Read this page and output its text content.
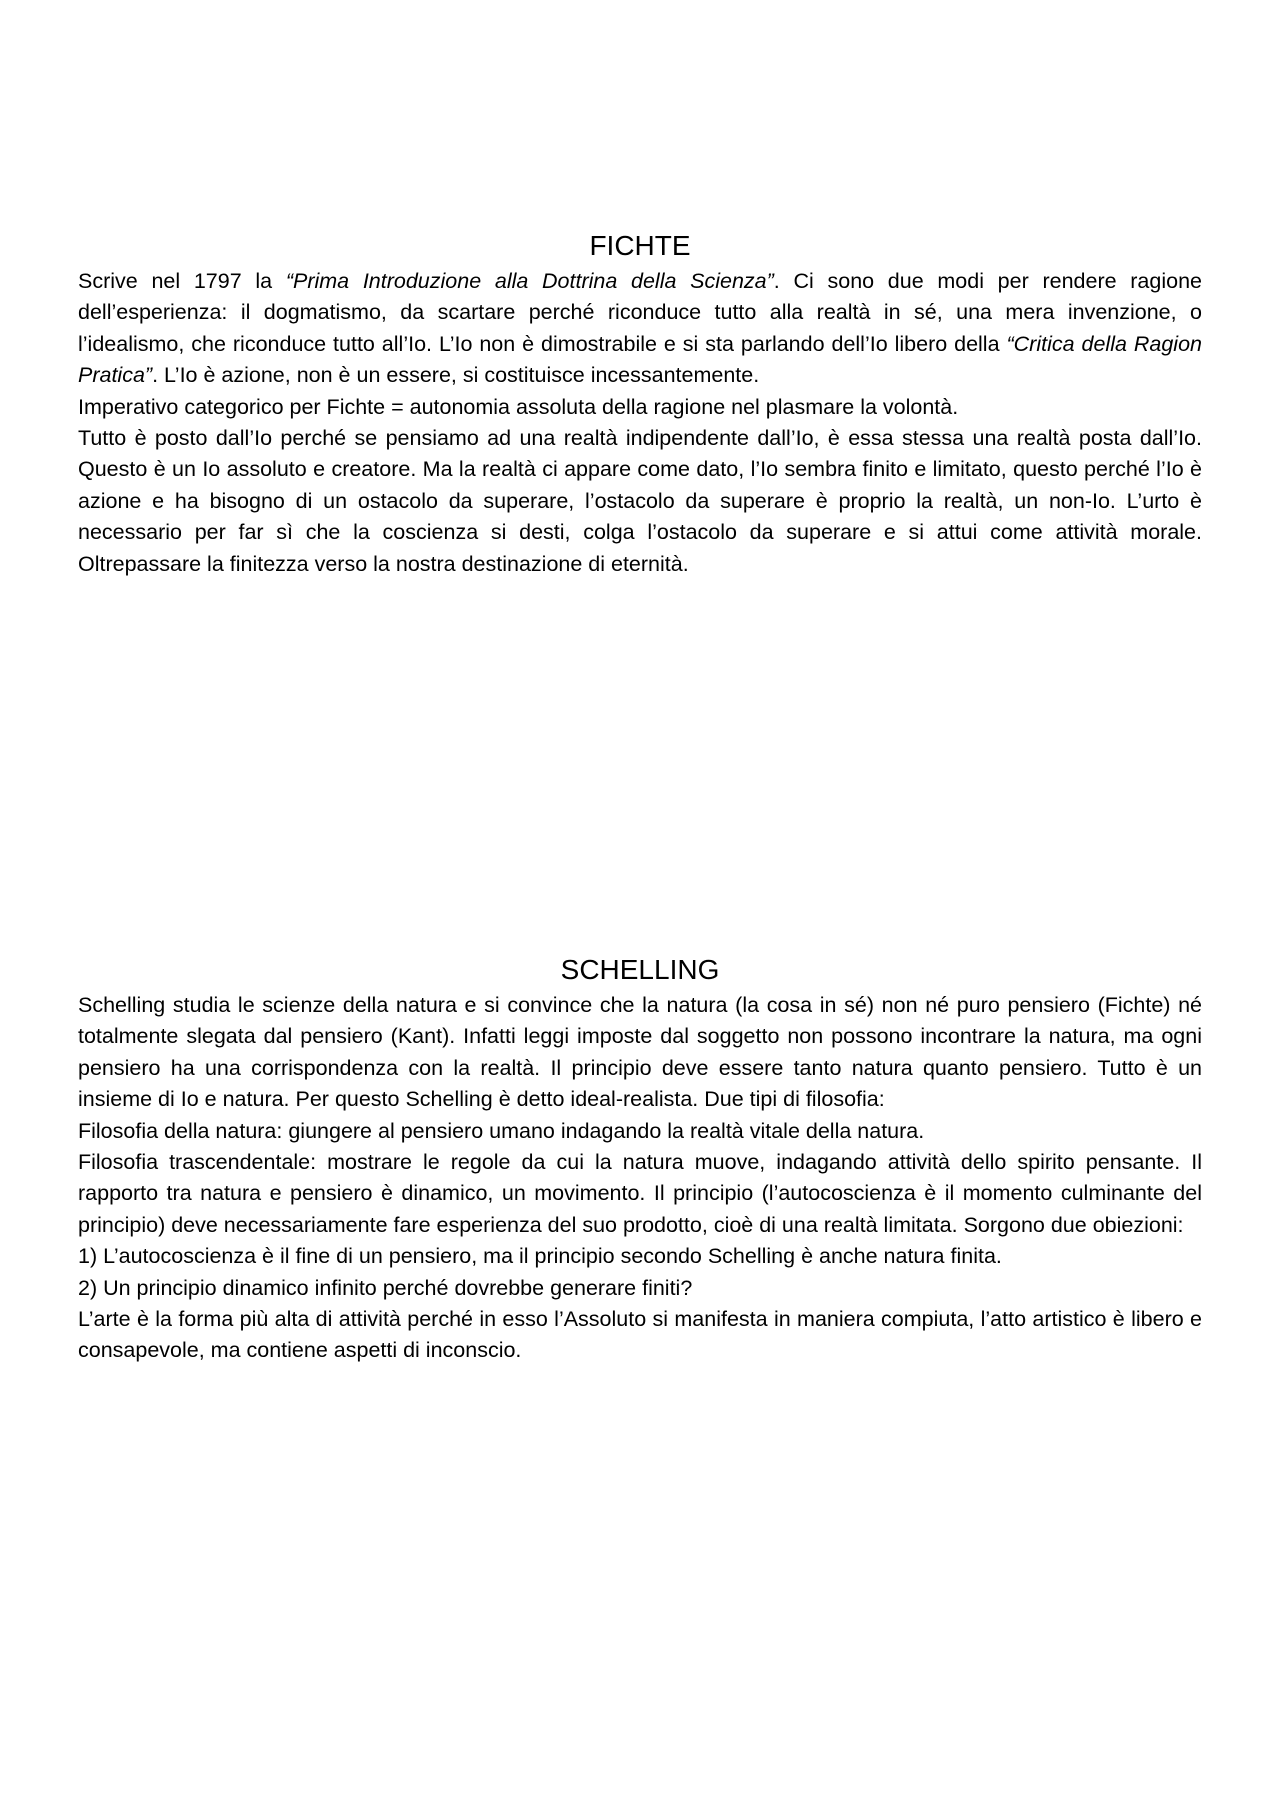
FICHTE

Scrive nel 1797 la “Prima Introduzione alla Dottrina della Scienza”. Ci sono due modi per rendere ragione dell’esperienza: il dogmatismo, da scartare perché riconduce tutto alla realtà in sé, una mera invenzione, o l’idealismo, che riconduce tutto all’Io. L’Io non è dimostrabile e si sta parlando dell’Io libero della “Critica della Ragion Pratica”. L’Io è azione, non è un essere, si costituisce incessantemente.

Imperativo categorico per Fichte = autonomia assoluta della ragione nel plasmare la volontà.

Tutto è posto dall’Io perché se pensiamo ad una realtà indipendente dall’Io, è essa stessa una realtà posta dall’Io. Questo è un Io assoluto e creatore. Ma la realtà ci appare come dato, l’Io sembra finito e limitato, questo perché l’Io è azione e ha bisogno di un ostacolo da superare, l’ostacolo da superare è proprio la realtà, un non-Io. L’urto è necessario per far sì che la coscienza si desti, colga l’ostacolo da superare e si attui come attività morale. Oltrepassare la finitezza verso la nostra destinazione di eternità.

SCHELLING

Schelling studia le scienze della natura e si convince che la natura (la cosa in sé) non né puro pensiero (Fichte) né totalmente slegata dal pensiero (Kant). Infatti leggi imposte dal soggetto non possono incontrare la natura, ma ogni pensiero ha una corrispondenza con la realtà. Il principio deve essere tanto natura quanto pensiero. Tutto è un insieme di Io e natura. Per questo Schelling è detto ideal-realista. Due tipi di filosofia:

Filosofia della natura: giungere al pensiero umano indagando la realtà vitale della natura.

Filosofia trascendentale: mostrare le regole da cui la natura muove, indagando attività dello spirito pensante. Il rapporto tra natura e pensiero è dinamico, un movimento. Il principio (l’autocoscienza è il momento culminante del principio) deve necessariamente fare esperienza del suo prodotto, cioè di una realtà limitata. Sorgono due obiezioni:

1) L’autocoscienza è il fine di un pensiero, ma il principio secondo Schelling è anche natura finita.

2) Un principio dinamico infinito perché dovrebbe generare finiti?

L’arte è la forma più alta di attività perché in esso l’Assoluto si manifesta in maniera compiuta, l’atto artistico è libero e consapevole, ma contiene aspetti di inconscio.
